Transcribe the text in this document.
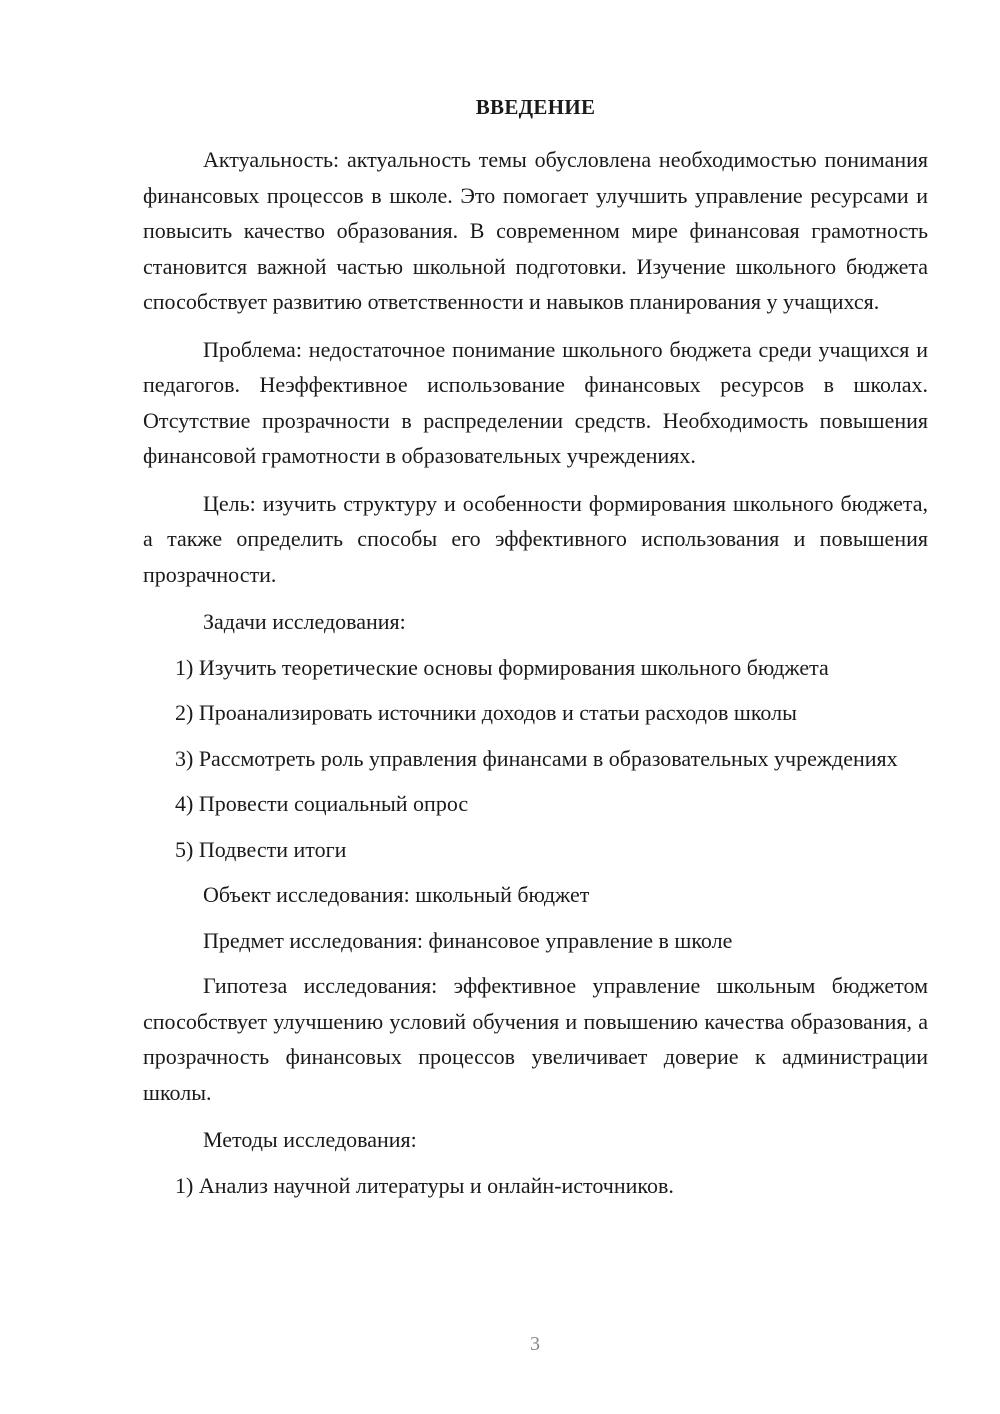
ВВЕДЕНИЕ

Актуальность: актуальность темы обусловлена необходимостью понимания финансовых процессов в школе. Это помогает улучшить управление ресурсами и повысить качество образования. В современном мире финансовая грамотность становится важной частью школьной подготовки. Изучение школьного бюджета способствует развитию ответственности и навыков планирования у учащихся.

Проблема: недостаточное понимание школьного бюджета среди учащихся и педагогов. Неэффективное использование финансовых ресурсов в школах. Отсутствие прозрачности в распределении средств. Необходимость повышения финансовой грамотности в образовательных учреждениях.

Цель: изучить структуру и особенности формирования школьного бюджета, а также определить способы его эффективного использования и повышения прозрачности.

Задачи исследования:

1) Изучить теоретические основы формирования школьного бюджета

2) Проанализировать источники доходов и статьи расходов школы

3) Рассмотреть роль управления финансами в образовательных учреждениях

4) Провести социальный опрос

5) Подвести итоги

Объект исследования: школьный бюджет

Предмет исследования: финансовое управление в школе

Гипотеза исследования: эффективное управление школьным бюджетом способствует улучшению условий обучения и повышению качества образования, а прозрачность финансовых процессов увеличивает доверие к администрации школы.

Методы исследования:

1) Анализ научной литературы и онлайн-источников.

3
